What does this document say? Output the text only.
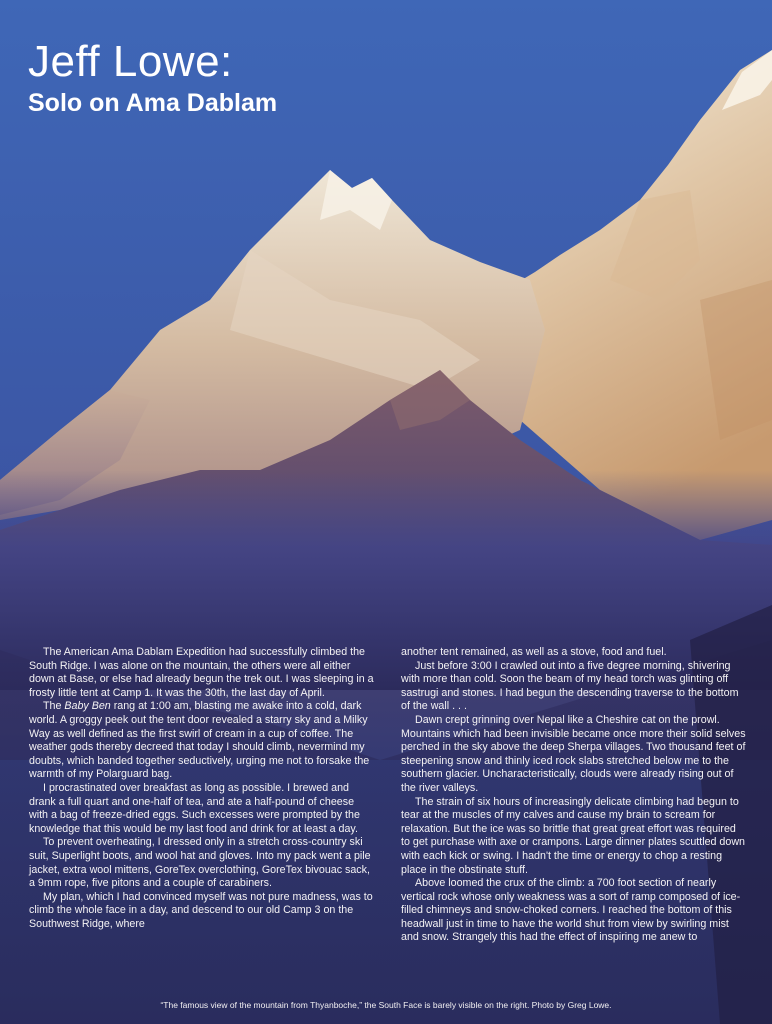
Jeff Lowe:
Solo on Ama Dablam

The American Ama Dablam Expedition had successfully climbed the South Ridge. I was alone on the mountain, the others were all either down at Base, or else had already begun the trek out. I was sleeping in a frosty little tent at Camp 1. It was the 30th, the last day of April.

The Baby Ben rang at 1:00 am, blasting me awake into a cold, dark world. A groggy peek out the tent door revealed a starry sky and a Milky Way as well defined as the first swirl of cream in a cup of coffee. The weather gods thereby decreed that today I should climb, nevermind my doubts, which banded together seductively, urging me not to forsake the warmth of my Polarguard bag.

I procrastinated over breakfast as long as possible. I brewed and drank a full quart and one-half of tea, and ate a half-pound of cheese with a bag of freeze-dried eggs. Such excesses were prompted by the knowledge that this would be my last food and drink for at least a day.

To prevent overheating, I dressed only in a stretch cross-country ski suit, Superlight boots, and wool hat and gloves. Into my pack went a pile jacket, extra wool mittens, GoreTex overclothing, GoreTex bivouac sack, a 9mm rope, five pitons and a couple of carabiners.

My plan, which I had convinced myself was not pure madness, was to climb the whole face in a day, and descend to our old Camp 3 on the Southwest Ridge, where

another tent remained, as well as a stove, food and fuel.

Just before 3:00 I crawled out into a five degree morning, shivering with more than cold. Soon the beam of my head torch was glinting off sastrugi and stones. I had begun the descending traverse to the bottom of the wall . . .

Dawn crept grinning over Nepal like a Cheshire cat on the prowl. Mountains which had been invisible became once more their solid selves perched in the sky above the deep Sherpa villages. Two thousand feet of steepening snow and thinly iced rock slabs stretched below me to the southern glacier. Uncharacteristically, clouds were already rising out of the river valleys.

The strain of six hours of increasingly delicate climbing had begun to tear at the muscles of my calves and cause my brain to scream for relaxation. But the ice was so brittle that great great effort was required to get purchase with axe or crampons. Large dinner plates scuttled down with each kick or swing. I hadn't the time or energy to chop a resting place in the obstinate stuff.

Above loomed the crux of the climb: a 700 foot section of nearly vertical rock whose only weakness was a sort of ramp composed of ice-filled chimneys and snow-choked corners. I reached the bottom of this headwall just in time to have the world shut from view by swirling mist and snow. Strangely this had the effect of inspiring me anew to

“The famous view of the mountain from Thyanboche,” the South Face is barely visible on the right. Photo by Greg Lowe.
